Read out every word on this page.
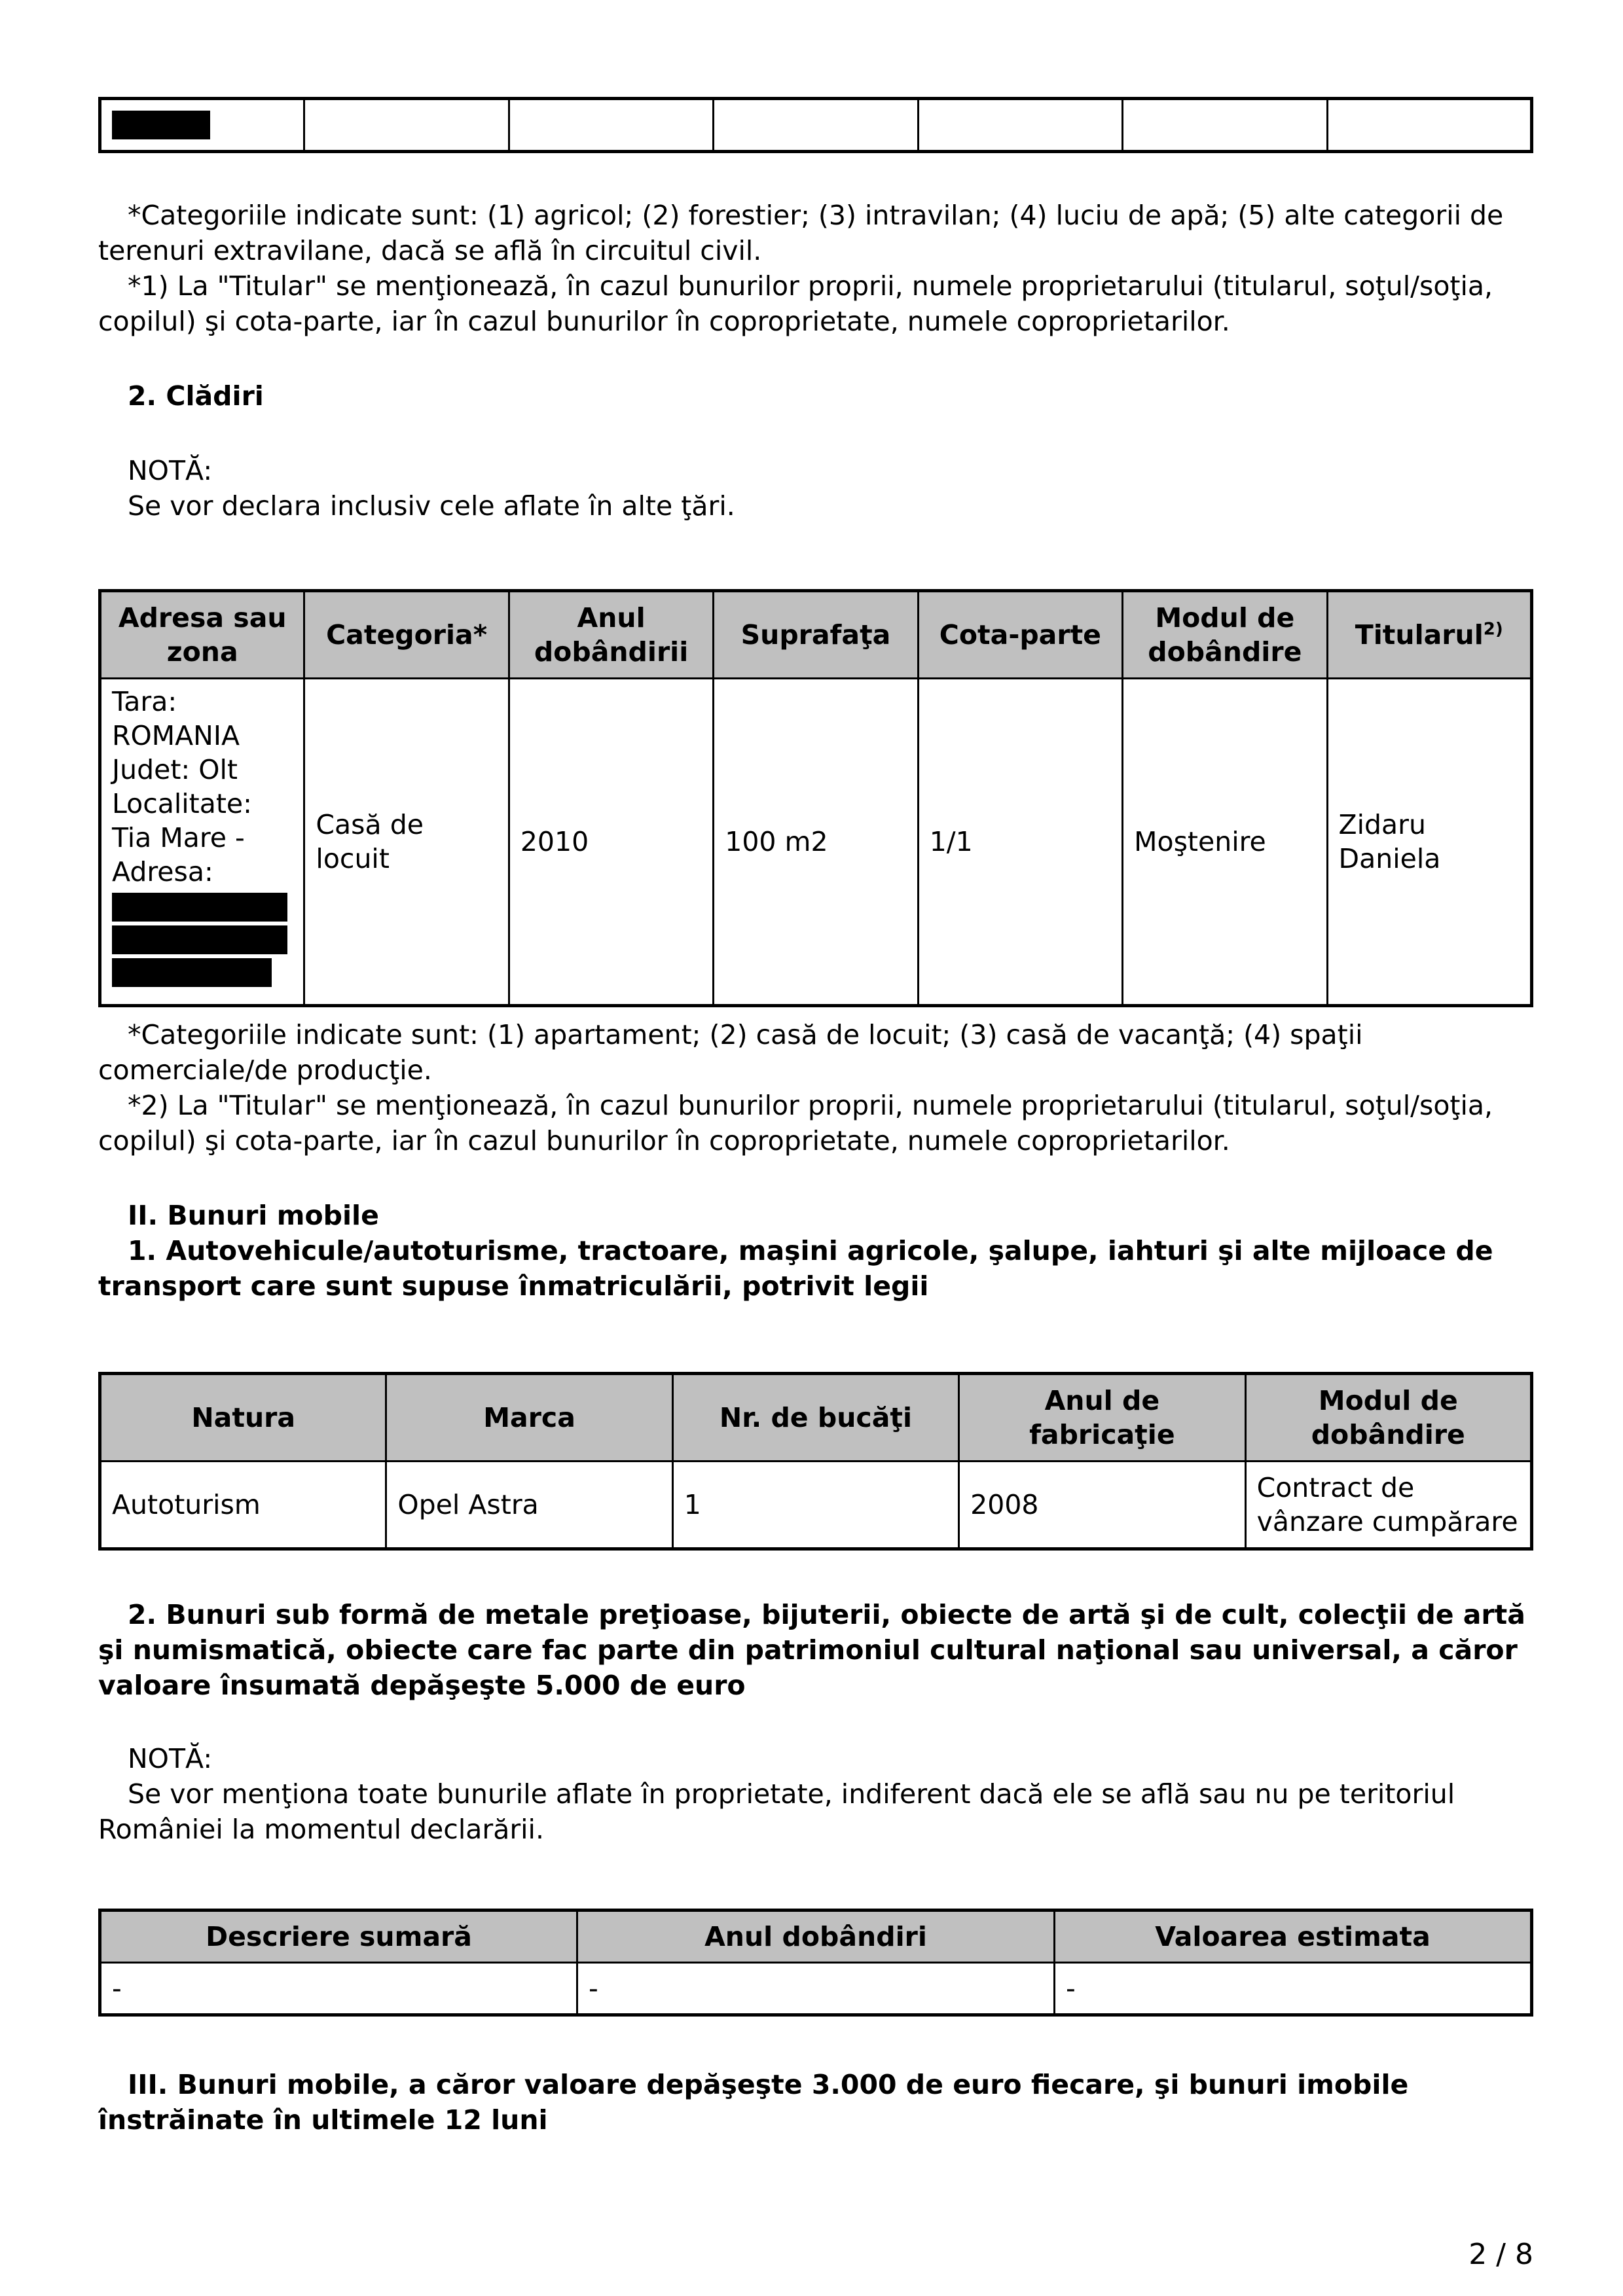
*Categoriile indicate sunt: (1) agricol; (2) forestier; (3) intravilan; (4) luciu de apă; (5) alte categorii de terenuri extravilane, dacă se află în circuitul civil.

*1) La "Titular" se menţionează, în cazul bunurilor proprii, numele proprietarului (titularul, soţul/soţia, copilul) şi cota-parte, iar în cazul bunurilor în coproprietate, numele coproprietarilor.

2. Clădiri

NOTĂ:

Se vor declara inclusiv cele aflate în alte ţări.

Adresa sau zona	Categoria*	Anul dobândirii	Suprafaţa	Cota-parte	Modul de dobândire	Titularul$^{2)}$

Tara: ROMANIA
Judet: Olt
Localitate: Tia Mare -
Adresa:	Casă de locuit	2010	100 m2	1/1	Moştenire	Zidaru Daniela

*Categoriile indicate sunt: (1) apartament; (2) casă de locuit; (3) casă de vacanţă; (4) spaţii comerciale/de producţie.

*2) La "Titular" se menţionează, în cazul bunurilor proprii, numele proprietarului (titularul, soţul/soţia, copilul) şi cota-parte, iar în cazul bunurilor în coproprietate, numele coproprietarilor.

II. Bunuri mobile

1. Autovehicule/autoturisme, tractoare, maşini agricole, şalupe, iahturi şi alte mijloace de transport care sunt supuse înmatriculării, potrivit legii

Natura	Marca	Nr. de bucăţi	Anul de fabricaţie	Modul de dobândire
Autoturism	Opel Astra	1	2008	Contract de vânzare cumpărare

2. Bunuri sub formă de metale preţioase, bijuterii, obiecte de artă şi de cult, colecţii de artă şi numismatică, obiecte care fac parte din patrimoniul cultural naţional sau universal, a căror valoare însumată depăşeşte 5.000 de euro

NOTĂ:

Se vor menţiona toate bunurile aflate în proprietate, indiferent dacă ele se află sau nu pe teritoriul României la momentul declarării.

Descriere sumară	Anul dobândiri	Valoarea estimata
-	-	-

III. Bunuri mobile, a căror valoare depăşeşte 3.000 de euro fiecare, şi bunuri imobile înstrăinate în ultimele 12 luni

2 / 8
